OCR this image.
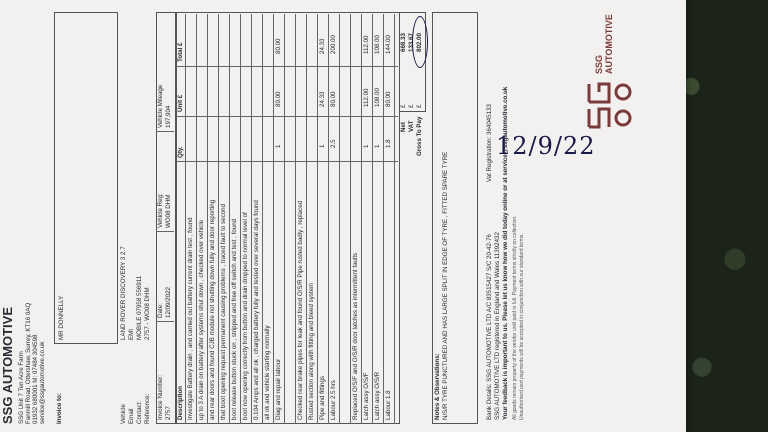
SSG AUTOMOTIVE SSG Unit 7 Ten Acre Farm Fanmill Road, Ottershaw, Surrey, KT16 0AQ 01932 680001 M: 07484 304598 service@ssgautomotive.co.uk
SSG AUTOMOTIVE
Invoice to:
MR DONNELLY
Vehicle
LAND ROVER DISCOVERY 3 2.7
Email
EMI
Contact:
MOBILE 07958 556911
Reference:
2757 - WO08 DHM
Invoice Number: 2757
Date: 12/09/2022
Vehicle Reg: WO08 DHM
Vehicle Mileage 197,904
Description
Qty.
Unit £
Total £
Net VAT Gross To Pay
£ £ £
668.33 133.67 802.00
Notes & Observations: N/S/R TYRE PUNCTURED AND HAS LARGE SPLIT IN EDGE OF TYRE , FITTED SPARE TYRE	Bank Details: SSG AUTOMOTIVE LTD A/C 83515427 S/C 20-42-76 SSG AUTOMOTIVE LTD registered in England and Wales 11392432
Vat Registration: 364045133 Your feedback is important to us. Please let us know how we did today online or at service@ssgautomotive.co.uk All goods remain property of the vendor until paid in full. Payment terms strictly on collection. Unauthorised part payments will be accepted in conjunction with our standard terms.
12/9/22
Investigate Battery drain , and carried out battery current drain test , found up to 3 A drain on battery after systems shut down , checked over vehicle and rear doors and found CJB module not shutting down fully and door reporting that boot opening request permanent causing problems , traced fault to second boot release button stuck on , stripped and free off switch and test , found boot now opening correctly from button and drain dropped to normal level of 0.104 Amps and all ok , charged battery fully and tested over several days found all ok and vehicle starting normally Diag and repair labour
1
80.00
80.00
Checked rear brake pipes for leak and found O/S/R Pipe rusted badly , replaced Rusted section along with fitting and bleed system Pipe and fittings
1
24.33
24.33
Labour 2.5 hrs
2.5
80.00
200.00
Replaced O/S/F and O/S/R door latches as intermittent faults Latch assy O/S/F
1
112.00
112.00
Latch assy O/S/R
1
108.00
108.00
Labour 1.8
1.8
80.00
144.00
